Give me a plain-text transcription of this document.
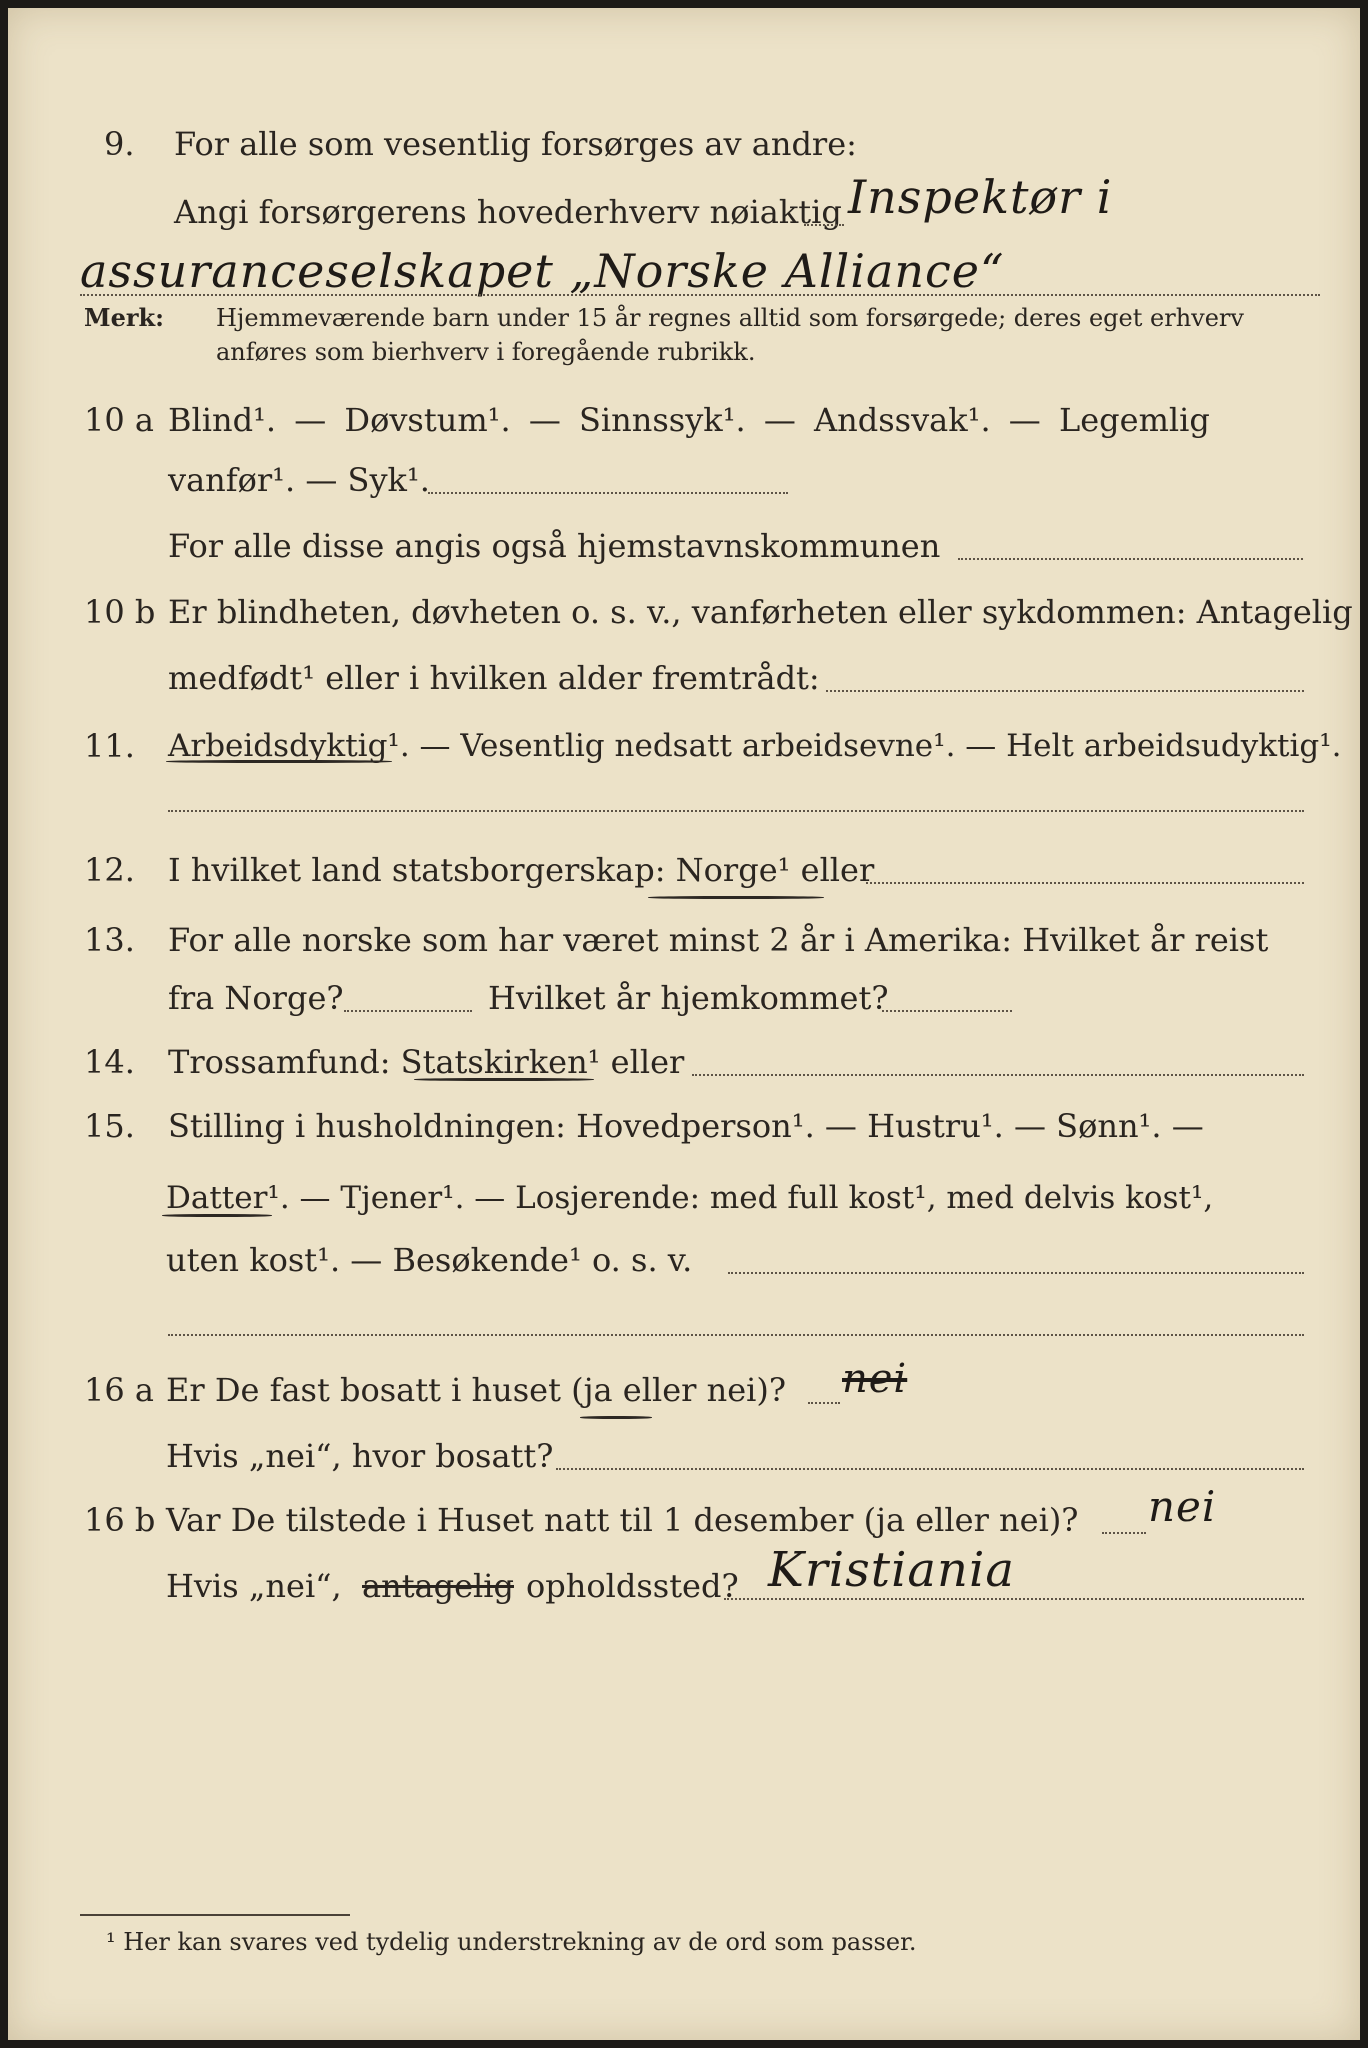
9. For alle som vesentlig forsørges av andre:
Angi forsørgerens hovederhverv nøiaktig Inspektør i
assuranceselskapet „Norske Alliance“
Merk: Hjemmeværende barn under 15 år regnes alltid som forsørgede; deres eget erhverv
anføres som bierhverv i foregående rubrikk.
10 a Blind¹. — Døvstum¹. — Sinnssyk¹. — Andssvak¹. — Legemlig
vanfør¹. — Syk¹.
For alle disse angis også hjemstavnskommunen
10 b Er blindheten, døvheten o. s. v., vanførheten eller sykdommen: Antagelig
medfødt¹ eller i hvilken alder fremtrådt:
11. Arbeidsdyktig¹. — Vesentlig nedsatt arbeidsevne¹. — Helt arbeidsudyktig¹.
12. I hvilket land statsborgerskap: Norge¹ eller
13. For alle norske som har været minst 2 år i Amerika: Hvilket år reist
fra Norge?	Hvilket år hjemkommet?
14. Trossamfund: Statskirken¹ eller
15. Stilling i husholdningen: Hovedperson¹. — Hustru¹. — Sønn¹. —
Datter¹. — Tjener¹. — Losjerende: med full kost¹, med delvis kost¹,
uten kost¹. — Besøkende¹ o. s. v.
16 a Er De fast bosatt i huset (ja eller nei)? nei
Hvis „nei“, hvor bosatt?
16 b Var De tilstede i Huset natt til 1 desember (ja eller nei)? nei
Hvis „nei“, antagelig opholdssted? Kristiania
¹ Her kan svares ved tydelig understrekning av de ord som passer.
